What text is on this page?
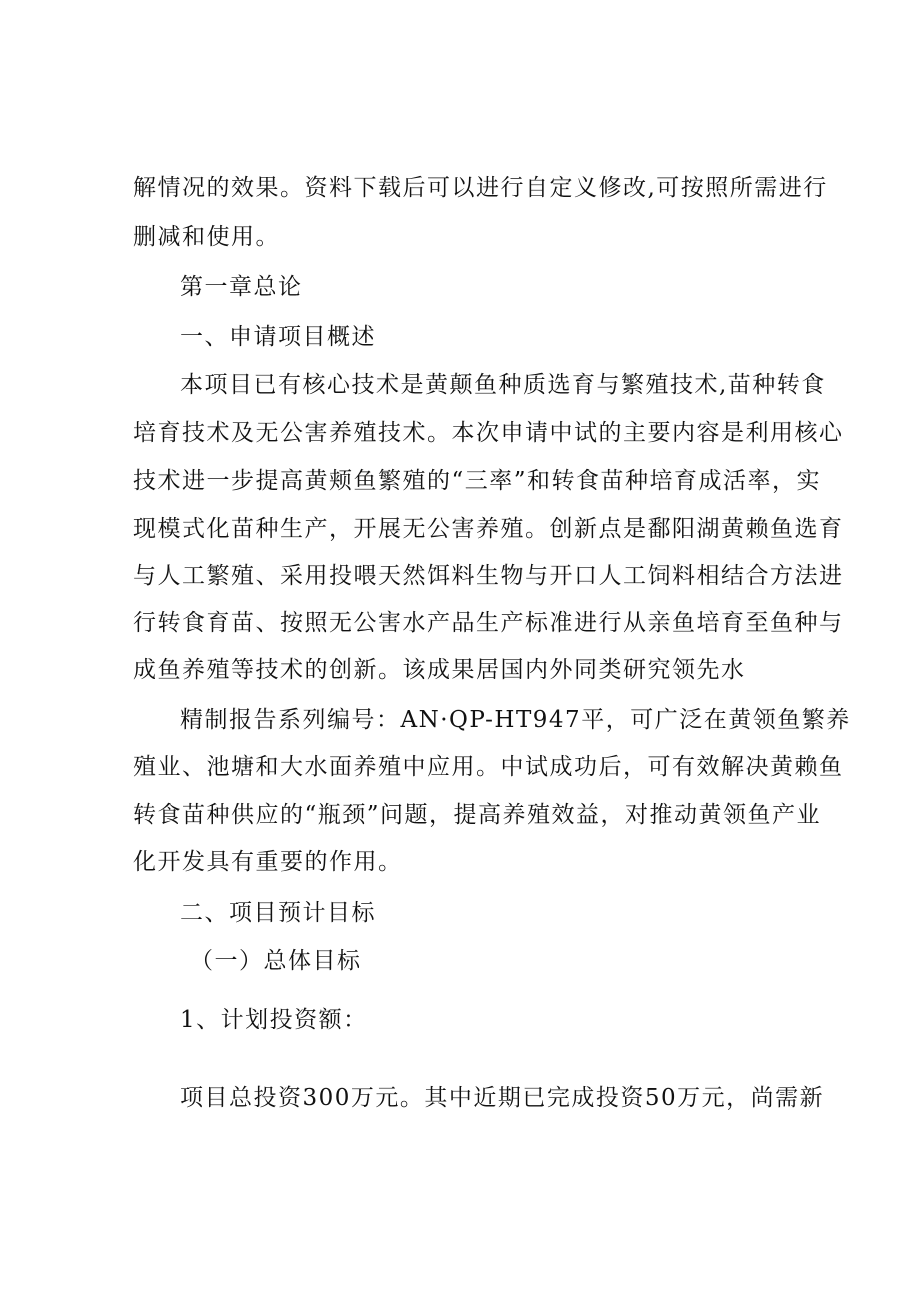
解情况的效果。资料下载后可以进行自定义修改,可按照所需进行
删减和使用。
第一章总论
一、申请项目概述
本项目已有核心技术是黄颠鱼种质选育与繁殖技术,苗种转食
培育技术及无公害养殖技术。本次申请中试的主要内容是利用核心
技术进一步提高黄颊鱼繁殖的“三率”和转食苗种培育成活率，实
现模式化苗种生产，开展无公害养殖。创新点是鄱阳湖黄赖鱼选育
与人工繁殖、采用投喂天然饵料生物与开口人工饲料相结合方法进
行转食育苗、按照无公害水产品生产标准进行从亲鱼培育至鱼种与
成鱼养殖等技术的创新。该成果居国内外同类研究领先水
精制报告系列编号：AN·QP-HT947平，可广泛在黄领鱼繁养
殖业、池塘和大水面养殖中应用。中试成功后，可有效解决黄赖鱼
转食苗种供应的“瓶颈”问题，提高养殖效益，对推动黄领鱼产业
化开发具有重要的作用。
二、项目预计目标
（一）总体目标
1、计划投资额：
项目总投资300万元。其中近期已完成投资50万元，尚需新
